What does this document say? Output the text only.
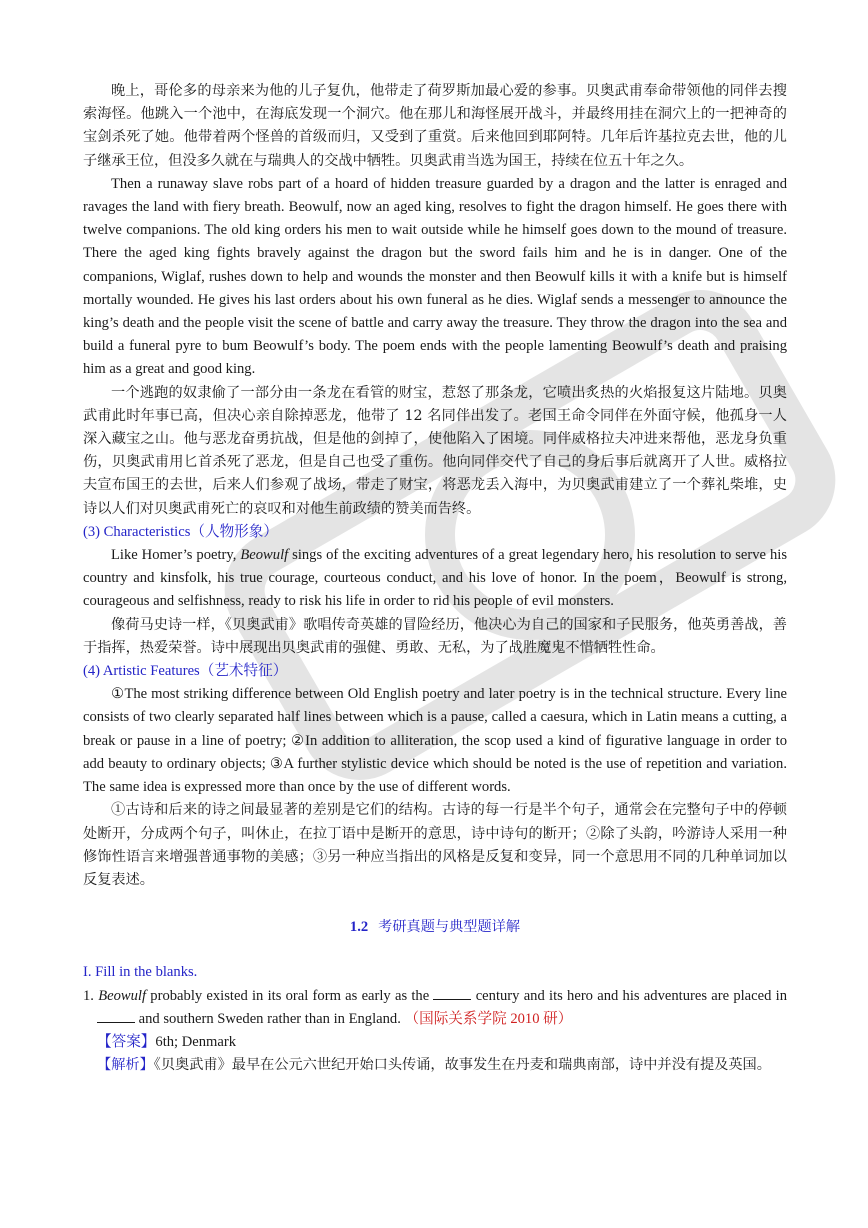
晚上，哥伦多的母亲来为他的儿子复仇，他带走了荷罗斯加最心爱的参事。贝奥武甫奉命带领他的同伴去搜索海怪。他跳入一个池中，在海底发现一个洞穴。他在那儿和海怪展开战斗，并最终用挂在洞穴上的一把神奇的宝剑杀死了她。他带着两个怪兽的首级而归，又受到了重赏。后来他回到耶阿特。几年后许基拉克去世，他的儿子继承王位，但没多久就在与瑞典人的交战中牺牲。贝奥武甫当选为国王，持续在位五十年之久。

Then a runaway slave robs part of a hoard of hidden treasure guarded by a dragon and the latter is enraged and ravages the land with fiery breath. Beowulf, now an aged king, resolves to fight the dragon himself. He goes there with twelve companions. The old king orders his men to wait outside while he himself goes down to the mound of treasure. There the aged king fights bravely against the dragon but the sword fails him and he is in danger. One of the companions, Wiglaf, rushes down to help and wounds the monster and then Beowulf kills it with a knife but is himself mortally wounded. He gives his last orders about his own funeral as he dies. Wiglaf sends a messenger to announce the king’s death and the people visit the scene of battle and carry away the treasure. They throw the dragon into the sea and build a funeral pyre to bum Beowulf’s body. The poem ends with the people lamenting Beowulf’s death and praising him as a great and good king.

一个逃跑的奴隶偷了一部分由一条龙在看管的财宝，惹怒了那条龙，它喷出炙热的火焰报复这片陆地。贝奥武甫此时年事已高，但决心亲自除掉恶龙，他带了 12 名同伴出发了。老国王命令同伴在外面守候，他孤身一人深入藏宝之山。他与恶龙奋勇抗战，但是他的剑掉了，使他陷入了困境。同伴威格拉夫冲进来帮他，恶龙身负重伤，贝奥武甫用匕首杀死了恶龙，但是自己也受了重伤。他向同伴交代了自己的身后事后就离开了人世。威格拉夫宣布国王的去世，后来人们参观了战场，带走了财宝，将恶龙丢入海中，为贝奥武甫建立了一个葬礼柴堆，史诗以人们对贝奥武甫死亡的哀叹和对他生前政绩的赞美而告终。

(3) Characteristics（人物形象）

Like Homer’s poetry, Beowulf sings of the exciting adventures of a great legendary hero, his resolution to serve his country and kinsfolk, his true courage, courteous conduct, and his love of honor. In the poem，Beowulf is strong, courageous and selfishness, ready to risk his life in order to rid his people of evil monsters.

像荷马史诗一样，《贝奥武甫》歌唱传奇英雄的冒险经历，他决心为自己的国家和子民服务，他英勇善战，善于指挥，热爱荣誉。诗中展现出贝奥武甫的强健、勇敢、无私，为了战胜魔鬼不惜牺牲性命。

(4) Artistic Features（艺术特征）

①The most striking difference between Old English poetry and later poetry is in the technical structure. Every line consists of two clearly separated half lines between which is a pause, called a caesura, which in Latin means a cutting, a break or pause in a line of poetry; ②In addition to alliteration, the scop used a kind of figurative language in order to add beauty to ordinary objects; ③A further stylistic device which should be noted is the use of repetition and variation. The same idea is expressed more than once by the use of different words.

①古诗和后来的诗之间最显著的差别是它们的结构。古诗的每一行是半个句子，通常会在完整句子中的停顿处断开，分成两个句子，叫休止，在拉丁语中是断开的意思，诗中诗句的断开；②除了头韵，吟游诗人采用一种修饰性语言来增强普通事物的美感；③另一种应当指出的风格是反复和变异，同一个意思用不同的几种单词加以反复表述。

1.2 考研真题与典型题详解

I. Fill in the blanks.

1. Beowulf probably existed in its oral form as early as the	century and its hero and his adventures are placed in and southern Sweden rather than in England. （国际关系学院 2010 研）

【答案】6th; Denmark

【解析】《贝奥武甫》最早在公元六世纪开始口头传诵，故事发生在丹麦和瑞典南部，诗中并没有提及英国。
